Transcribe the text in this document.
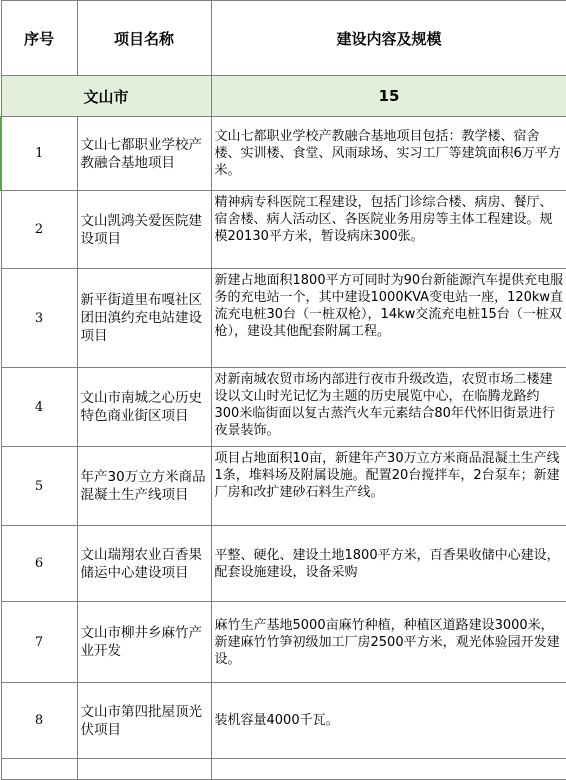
序号	项目名称	建设内容及规模
文山市		15
1	文山七都职业学校产教融合基地项目	文山七都职业学校产教融合基地项目包括：教学楼、宿舍楼、实训楼、食堂、风雨球场、实习工厂等建筑面积6万平方米。
2	文山凯鸿关爱医院建设项目	精神病专科医院工程建设，包括门诊综合楼、病房、餐厅、宿舍楼、病人活动区、各医院业务用房等主体工程建设。规模20130平方米，暂设病床300张。
3	新平街道里布嘎社区团田滇约充电站建设项目	新建占地面积1800平方可同时为90台新能源汽车提供充电服务的充电站一个，其中建设1000KVA变电站一座，120kw直流充电桩30台（一桩双枪），14kw交流充电桩15台（一桩双枪），建设其他配套附属工程。
4	文山市南城之心历史特色商业街区项目	对新南城农贸市场内部进行夜市升级改造，农贸市场二楼建设以文山时光记忆为主题的历史展览中心，在临腾龙路约300米临街面以复古蒸汽火车元素结合80年代怀旧街景进行夜景装饰。
5	年产30万立方米商品混凝土生产线项目	项目占地面积10亩，新建年产30万立方米商品混凝土生产线1条，堆料场及附属设施。配置20台搅拌车，2台泵车；新建厂房和改扩建砂石料生产线。
6	文山瑞翔农业百香果储运中心建设项目	平整、硬化、建设土地1800平方米，百香果收储中心建设，配套设施建设，设备采购
7	文山市柳井乡麻竹产业开发	麻竹生产基地5000亩麻竹种植，种植区道路建设3000米，新建麻竹竹笋初级加工厂房2500平方米，观光体验园开发建设。
8	文山市第四批屋顶光伏项目	装机容量4000千瓦。
